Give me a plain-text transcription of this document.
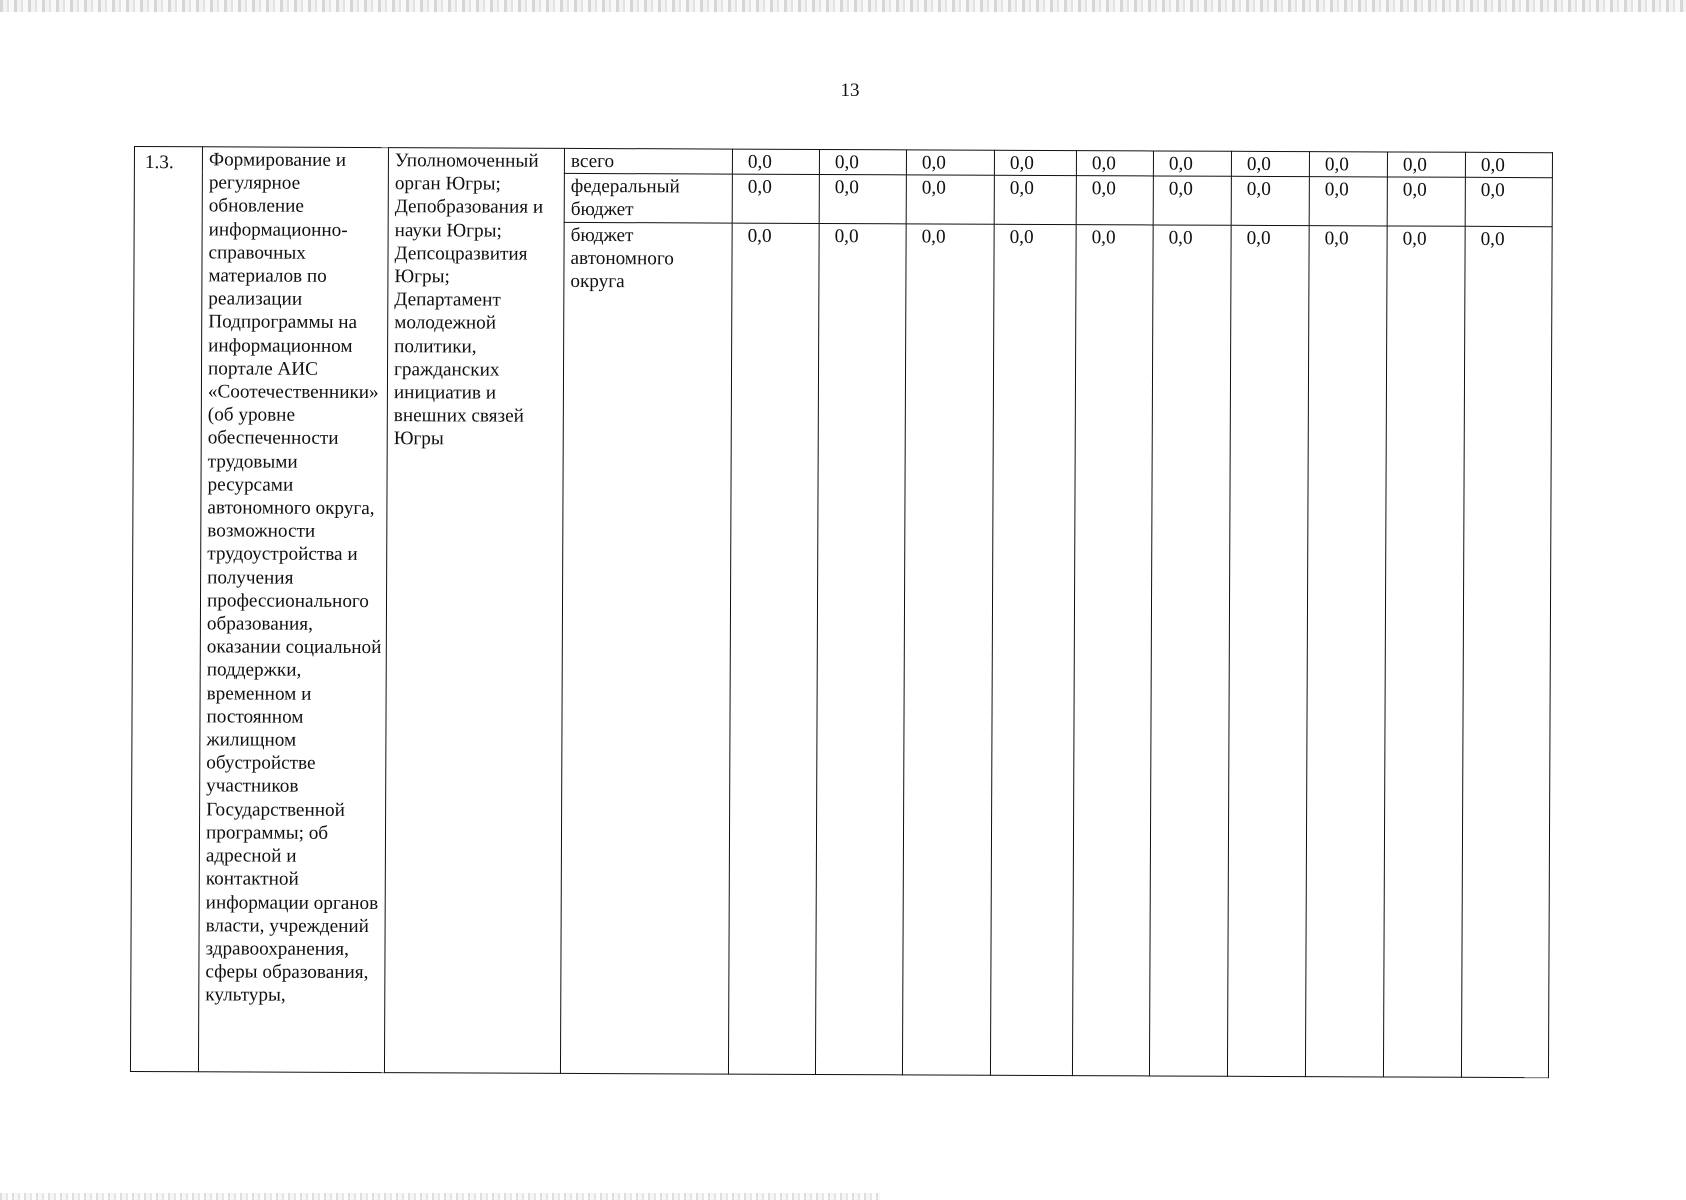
13
1.3.	Формирование и регулярное обновление информационно-справочных материалов по реализации Подпрограммы на информационном портале АИС «Соотечественники» (об уровне обеспеченности трудовыми ресурсами автономного округа, возможности трудоустройства и получения профессионального образования, оказании социальной поддержки, временном и постоянном жилищном обустройстве участников Государственной программы; об адресной и контактной информации органов власти, учреждений здравоохранения, сферы образования, культуры,	Уполномоченный орган Югры; Депобразования и науки Югры; Депсоцразвития Югры; Департамент молодежной политики, гражданских инициатив и внешних связей Югры	всего	0,0	0,0	0,0	0,0	0,0	0,0	0,0	0,0	0,0	0,0
			федеральный бюджет	0,0	0,0	0,0	0,0	0,0	0,0	0,0	0,0	0,0	0,0
			бюджет автономного округа	0,0	0,0	0,0	0,0	0,0	0,0	0,0	0,0	0,0	0,0
